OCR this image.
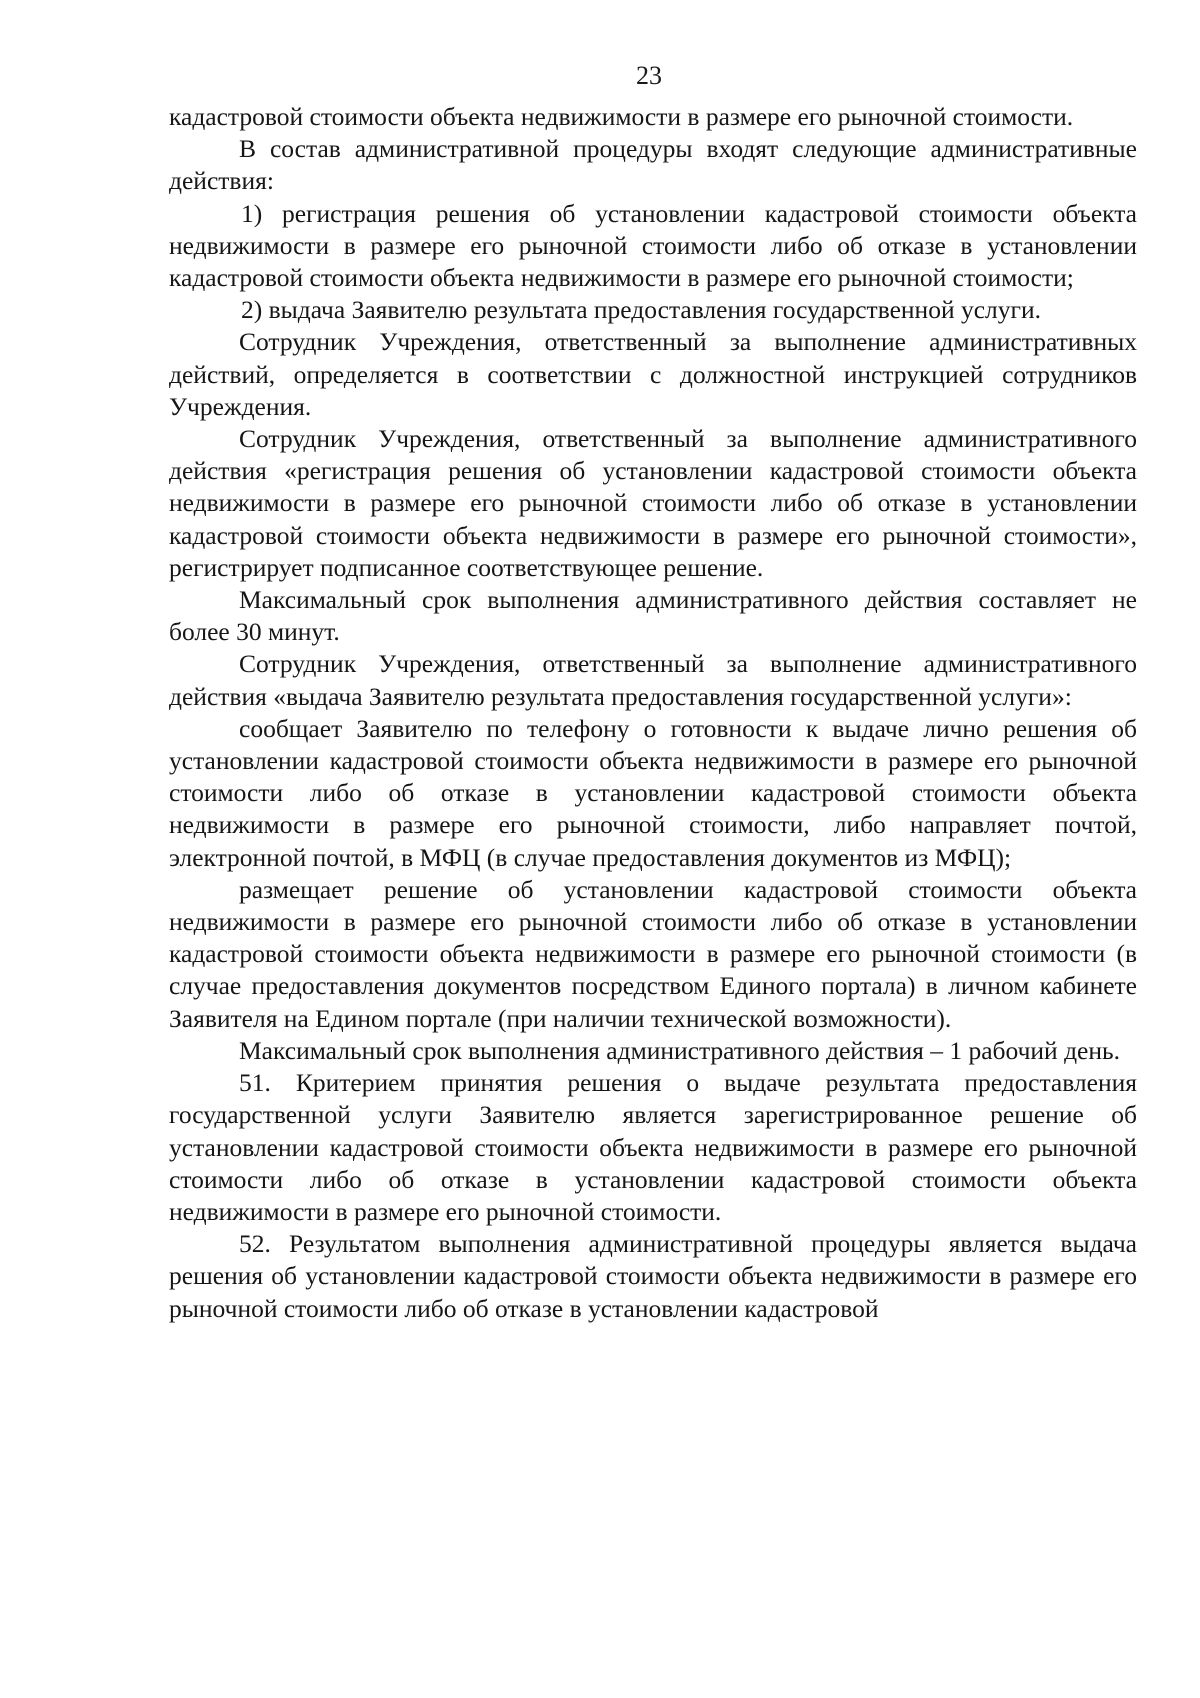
23

кадастровой стоимости объекта недвижимости в размере его рыночной стоимости.

В состав административной процедуры входят следующие административные действия:

1) регистрация решения об установлении кадастровой стоимости объекта недвижимости в размере его рыночной стоимости либо об отказе в установлении кадастровой стоимости объекта недвижимости в размере его рыночной стоимости;

2) выдача Заявителю результата предоставления государственной услуги.

Сотрудник Учреждения, ответственный за выполнение административных действий, определяется в соответствии с должностной инструкцией сотрудников Учреждения.

Сотрудник Учреждения, ответственный за выполнение административного действия «регистрация решения об установлении кадастровой стоимости объекта недвижимости в размере его рыночной стоимости либо об отказе в установлении кадастровой стоимости объекта недвижимости в размере его рыночной стоимости», регистрирует подписанное соответствующее решение.

Максимальный срок выполнения административного действия составляет не более 30 минут.

Сотрудник Учреждения, ответственный за выполнение административного действия «выдача Заявителю результата предоставления государственной услуги»:

сообщает Заявителю по телефону о готовности к выдаче лично решения об установлении кадастровой стоимости объекта недвижимости в размере его рыночной стоимости либо об отказе в установлении кадастровой стоимости объекта недвижимости в размере его рыночной стоимости, либо направляет почтой, электронной почтой, в МФЦ (в случае предоставления документов из МФЦ);

размещает решение об установлении кадастровой стоимости объекта недвижимости в размере его рыночной стоимости либо об отказе в установлении кадастровой стоимости объекта недвижимости в размере его рыночной стоимости (в случае предоставления документов посредством Единого портала) в личном кабинете Заявителя на Едином портале (при наличии технической возможности).

Максимальный срок выполнения административного действия – 1 рабочий день.

51. Критерием принятия решения о выдаче результата предоставления государственной услуги Заявителю является зарегистрированное решение об установлении кадастровой стоимости объекта недвижимости в размере его рыночной стоимости либо об отказе в установлении кадастровой стоимости объекта недвижимости в размере его рыночной стоимости.

52. Результатом выполнения административной процедуры является выдача решения об установлении кадастровой стоимости объекта недвижимости в размере его рыночной стоимости либо об отказе в установлении кадастровой
